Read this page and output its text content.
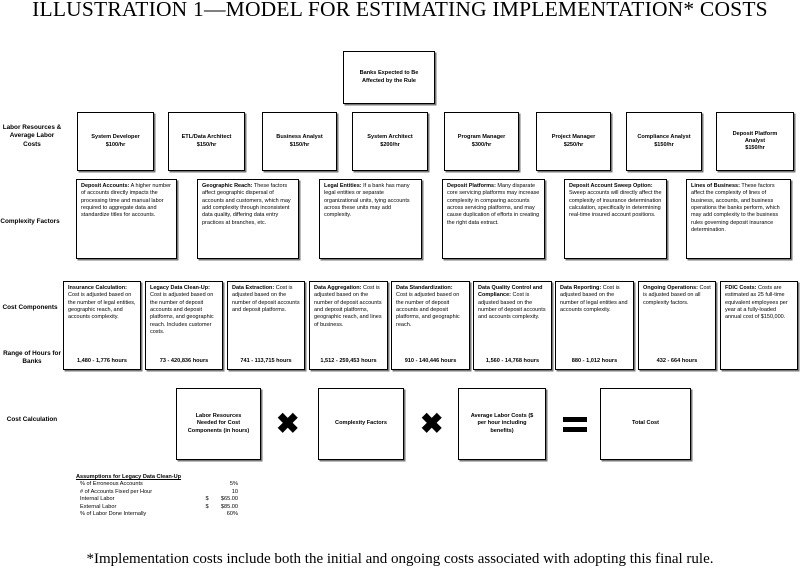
ILLUSTRATION 1—MODEL FOR ESTIMATING IMPLEMENTATION* COSTS
Banks Expected to Be Affected by the Rule
Labor Resources & Average Labor Costs
Complexity Factors
Cost Components
Range of Hours for Banks
Cost Calculation
System Developer
$100/hr
ETL/Data Architect
$150/hr
Business Analyst
$150/hr
System Architect
$200/hr
Program Manager
$300/hr
Project Manager
$250/hr
Compliance Analyst
$150/hr
Deposit Platform Analyst
$150/hr
Deposit Accounts: A higher number of accounts directly impacts the processing time and manual labor required to aggregate data and standardize titles for accounts.
Geographic Reach: These factors affect geographic dispersal of accounts and customers, which may add complexity through inconsistent data quality, differing data entry practices at branches, etc.
Legal Entities: If a bank has many legal entities or separate organizational units, tying accounts across these units may add complexity.
Deposit Platforms: Many disparate core servicing platforms may increase complexity in comparing accounts across servicing platforms, and may cause duplication of efforts in creating the right data extract.
Deposit Account Sweep Option: Sweep accounts will directly affect the complexity of insurance determination calculation, specifically in determining real-time insured account positions.
Lines of Business: These factors affect the complexity of lines of business, accounts, and business operations the banks perform, which may add complexity to the business rules governing deposit insurance determination.
Insurance Calculation: Cost is adjusted based on the number of legal entities, geographic reach, and accounts complexity.
1,480 - 1,776 hours
Legacy Data Clean-Up: Cost is adjusted based on the number of deposit accounts and deposit platforms, and geographic reach. Includes customer costs.
73 - 420,836 hours
Data Extraction: Cost is adjusted based on the number of deposit accounts and deposit platforms.
741 - 113,715 hours
Data Aggregation: Cost is adjusted based on the number of deposit accounts and deposit platforms, geographic reach, and lines of business.
1,512 - 259,453 hours
Data Standardization: Cost is adjusted based on the number of deposit accounts and deposit platforms, and geographic reach.
910 - 140,446 hours
Data Quality Control and Compliance: Cost is adjusted based on the number of deposit accounts and accounts complexity.
1,560 - 14,768 hours
Data Reporting: Cost is adjusted based on the number of legal entities and accounts complexity.
880 - 1,012 hours
Ongoing Operations: Cost is adjusted based on all complexity factors.
432 - 664 hours
FDIC Costs: Costs are estimated as 25 full-time equivalent employees per year at a fully-loaded annual cost of $150,000.
Labor Resources Needed for Cost Components (in hours) ✖	Complexity Factors ✖	Average Labor Costs ($ per hour including benefits)
Total Cost
Assumptions for Legacy Data Clean-Up
% of Erroneous Accounts	5%
# of Accounts Fixed per Hour	10
Internal Labor	$	$65.00
External Labor	$	$85.00
% of Labor Done Internally	60%
*Implementation costs include both the initial and ongoing costs associated with adopting this final rule.
